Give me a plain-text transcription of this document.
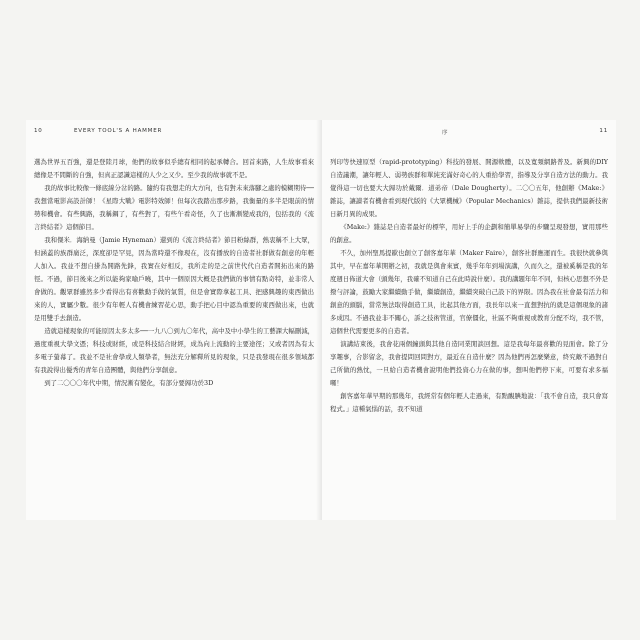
10	EVERY TOOL'S A HAMMER

選為世界五百強，還是登陸月球，他們的故事似乎總有相同的起承轉合。回首來路，人生故事看來總像是不間斷的自強，但真正認識這樣的人少之又少。至少我的故事就不是。

我的故事比較像一條底線分岔的路。隨約有我想走的大方向，也有對未來落腳之處的模糊期待──我想當電影高設計師！《星際大戰》電影特效師！但每次我踏出那步路，我衡量的多半是眼前的情勢和機會。有些興路，我稱鋼了，有些對了，有些午看奇怪，久了也漸漸變成我的，包括我的《流言終結者》這個節目。

我和傑米．海納曼（Jamie Hyneman）還到的《流言終結者》節目粉絲群，熱衷稱不上大眾，但涵蓋的族群廣泛，深度卻是罕見，因為當時還不像現在，沒有播放的自造者社群做有創意的年輕人加入。我並不想自掛為開路先鋒，我實在好相反，我所走的是之前世代代自造者開拓出來的路徑。不過，節目後來之所以能夠家喻戶曉，其中一個原因大概是我們做的事情有點奇特，並非常人會做的。觀眾群雖然多少看得出有喜歡動手做的氣質，但是會實際拿起工具、把感興趣的東西做出來的人，實屬少數。很少有年輕人有機會練習花心思，動手把心目中認為重要的東西做出來，也就是用雙手去創造。

造就這樣現象的可能原因太多太多──一九八〇到九〇年代，高中及中小學生的工藝課大幅刪減，過度重視大學文憑；科技或財經，或是科技結合財經，成為向上流動的主要途徑；又或者因為有太多電子螢幕了。我並不是社會學或人類學者，無法充分解釋所見的現象，只是我發現在很多領域都有我說得出優秀的青年自造團體，與他們分享創意。

到了二〇〇〇年代中期，情況漸有變化，有部分要歸功於3D

序	11

列印等快速原型（rapid-prototyping）科技的發展、開源軟體，以及寬頻網路普及。新興的DIY自造議潮，讓年輕人、弱勢族群和單純充滿好奇心的人重拾學習，指導及分享自造方法的動力。我覺得這一切也要大大歸功於戴爾．道弟帝（Dale Dougherty）。二〇〇五年，他創辦《Make:》雜誌，讓讀者有機會看到現代版的《大眾機械》（Popular Mechanics）雜誌，提供我們最新技術日新月異的成果。

《Make:》雜誌是自造者最好的標竿，用好上手的企劃和簡單易學的步驟呈現發想，實用那些的創意。

不久，加州聖馬提歐也創立了創客嘉年華（Maker Faire），創客社群應運而生。我很快就參與其中，早在嘉年華開辦之初，我就是與會來賓，幾乎年年到場演講，久而久之，還被奚稱是我的年度週日佈道大會（頭幾年，我確不知道自己在此時說什麼）。我的講題年年不同，但核心思想不外是撥勻評論，鼓勵大家繼續動手做，繼續創造，繼續突破自己設下的界限。因為我在社會最有活力和創意的頭腦，當常無法取得創造工具，比起其他方面，我長年以來一直想對抗的就是這個現象的諸多成因。不過我並非不關心，訴之技術管道，官僚僵化，社區不夠重視或教育分配不均，我不管，這個世代需要更多的自造者。

演講結束後，我會花兩個鐘頭與其他自造同業閒談回想。這是我每年最喜歡的見面會。除了分享趣事，合影留念，我會提問回問對方，最近在自造什麼？因為他們再怎麼樂意，終究敵不過對自己所做的熱忱，一旦給自造者機會說明他們投資心力在做的事，想叫他們停下來，可要有求多福囉！

創客嘉年華早期的那幾年，我經常有個年輕人走過來，有點靦腆地說：「我不會自造，我只會寫程式。」這種氣惱的話，我不知道
